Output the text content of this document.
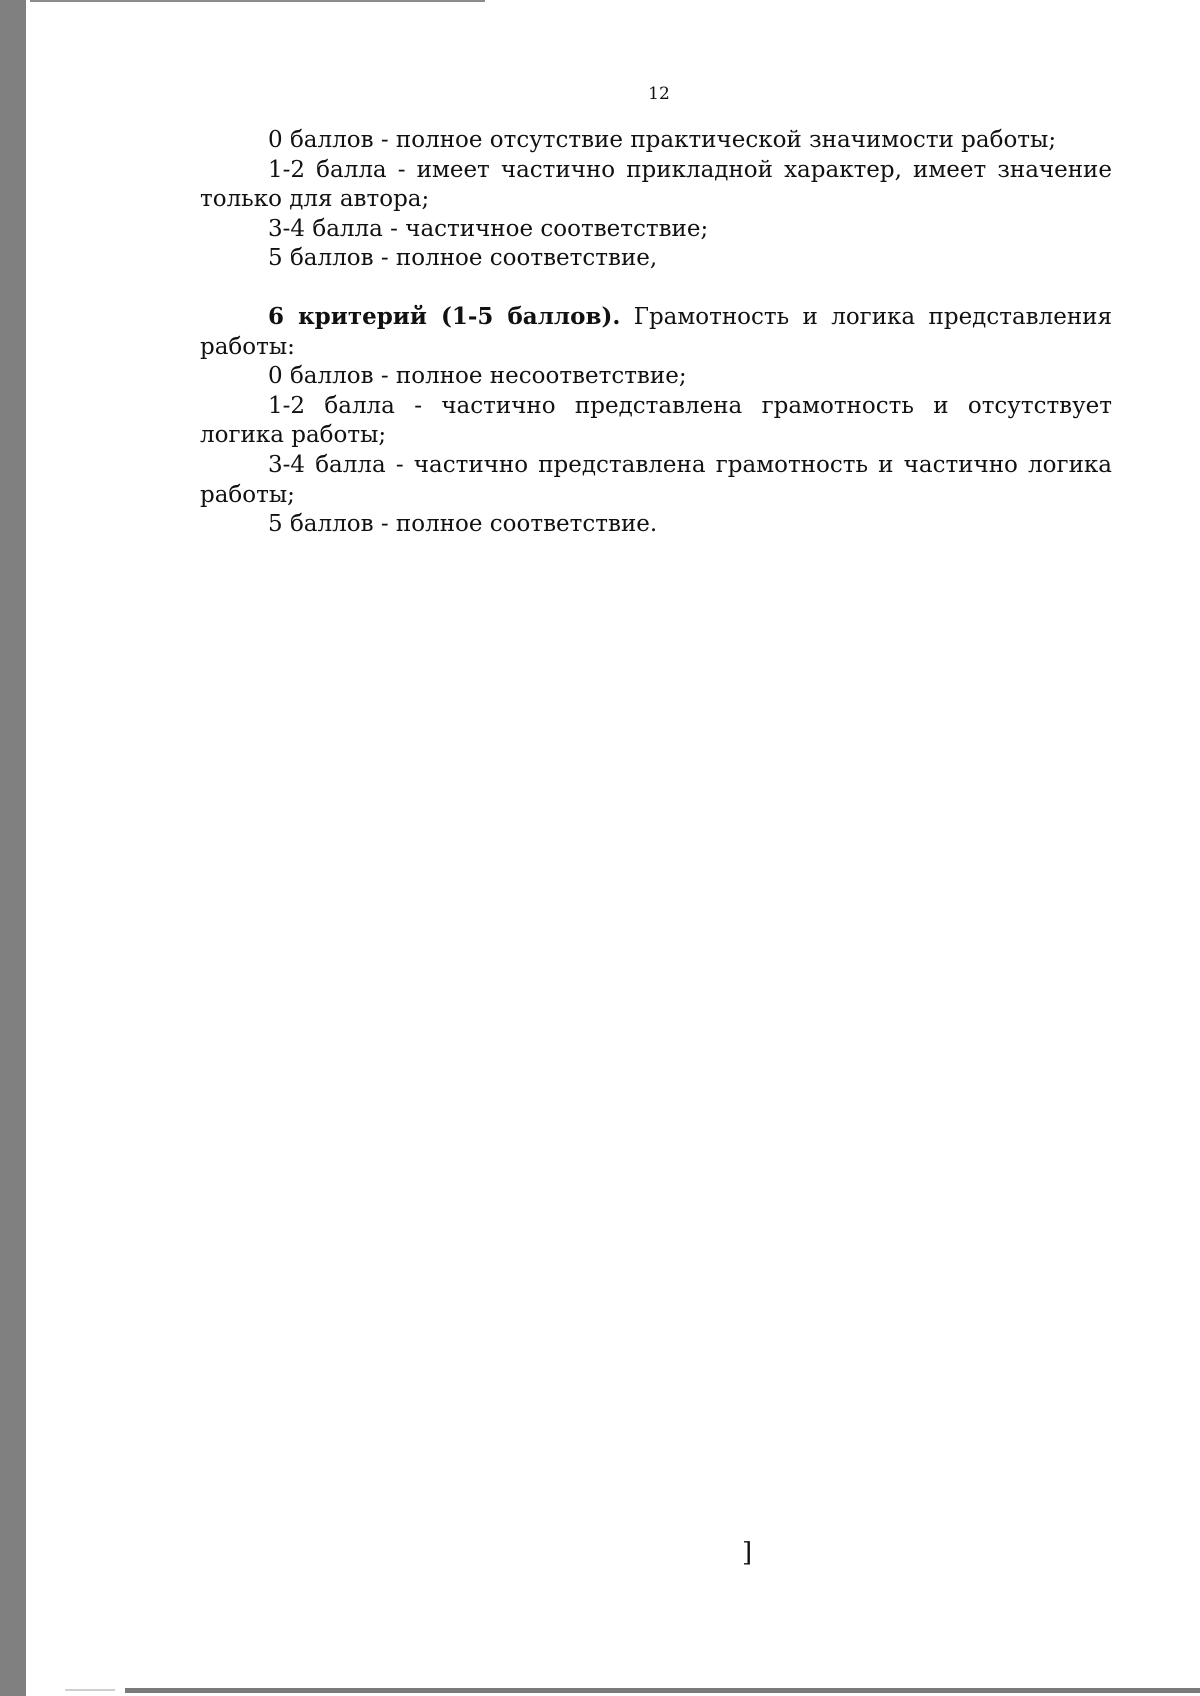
12

0 баллов - полное отсутствие практической значимости работы;

1-2 балла - имеет частично прикладной характер, имеет значение только для автора;

3-4 балла - частичное соответствие;

5 баллов - полное соответствие,

6 критерий (1-5 баллов). Грамотность и логика представления работы:

0 баллов - полное несоответствие;

1-2 балла - частично представлена грамотность и отсутствует логика работы;

3-4 балла - частично представлена грамотность и частично логика работы;

5 баллов - полное соответствие.

]
